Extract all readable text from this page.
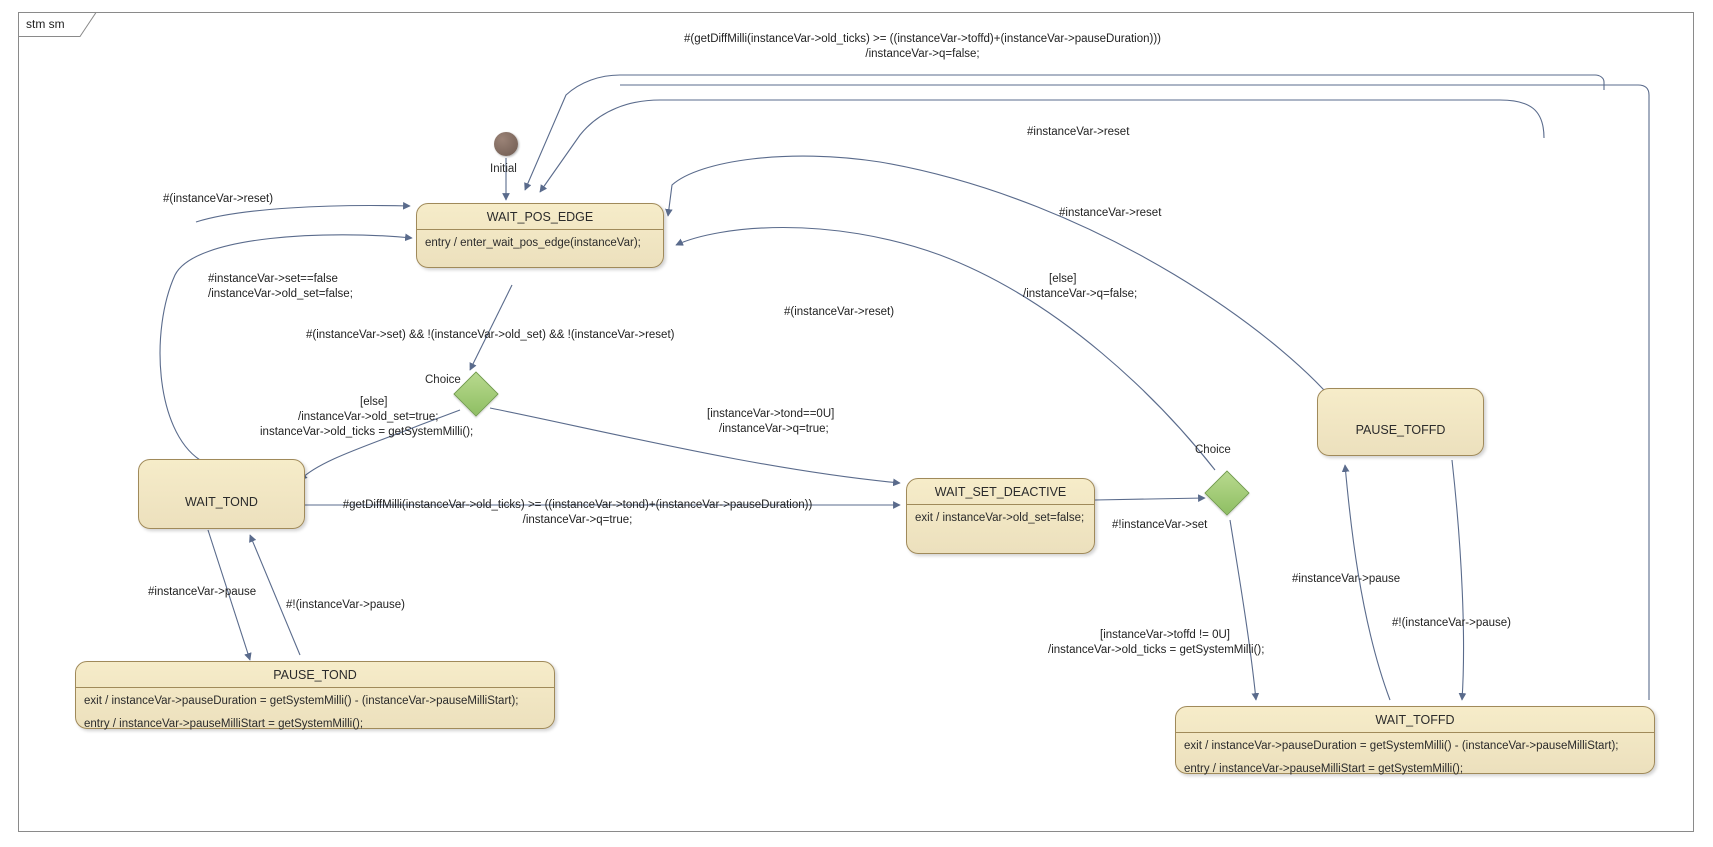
stm sm
Initial
Choice
Choice
WAIT_POS_EDGE
entry / enter_wait_pos_edge(instanceVar);
WAIT_TOND
WAIT_SET_DEACTIVE
exit / instanceVar->old_set=false;
PAUSE_TOFFD
PAUSE_TOND
exit / instanceVar->pauseDuration = getSystemMilli() - (instanceVar->pauseMilliStart);
entry / instanceVar->pauseMilliStart = getSystemMilli();	WAIT_TOFFD
exit / instanceVar->pauseDuration = getSystemMilli() - (instanceVar->pauseMilliStart);
entry / instanceVar->pauseMilliStart = getSystemMilli();
#(getDiffMilli(instanceVar->old_ticks) >= ((instanceVar->toffd)+(instanceVar->pauseDuration)))
/instanceVar->q=false;
#instanceVar->reset
#instanceVar->reset
#(instanceVar->reset)
#(instanceVar->reset)
#instanceVar->set==false
/instanceVar->old_set=false;
#(instanceVar->set) && !(instanceVar->old_set) && !(instanceVar->reset)
[else]
/instanceVar->old_set=true;
instanceVar->old_ticks = getSystemMilli();
[instanceVar->tond==0U]
/instanceVar->q=true;
#getDiffMilli(instanceVar->old_ticks) >= ((instanceVar->tond)+(instanceVar->pauseDuration))
/instanceVar->q=true;
#instanceVar->pause
#!(instanceVar->pause)
#!instanceVar->set
[else]
/instanceVar->q=false;
[instanceVar->toffd != 0U]
/instanceVar->old_ticks = getSystemMilli();
#instanceVar->pause
#!(instanceVar->pause)
